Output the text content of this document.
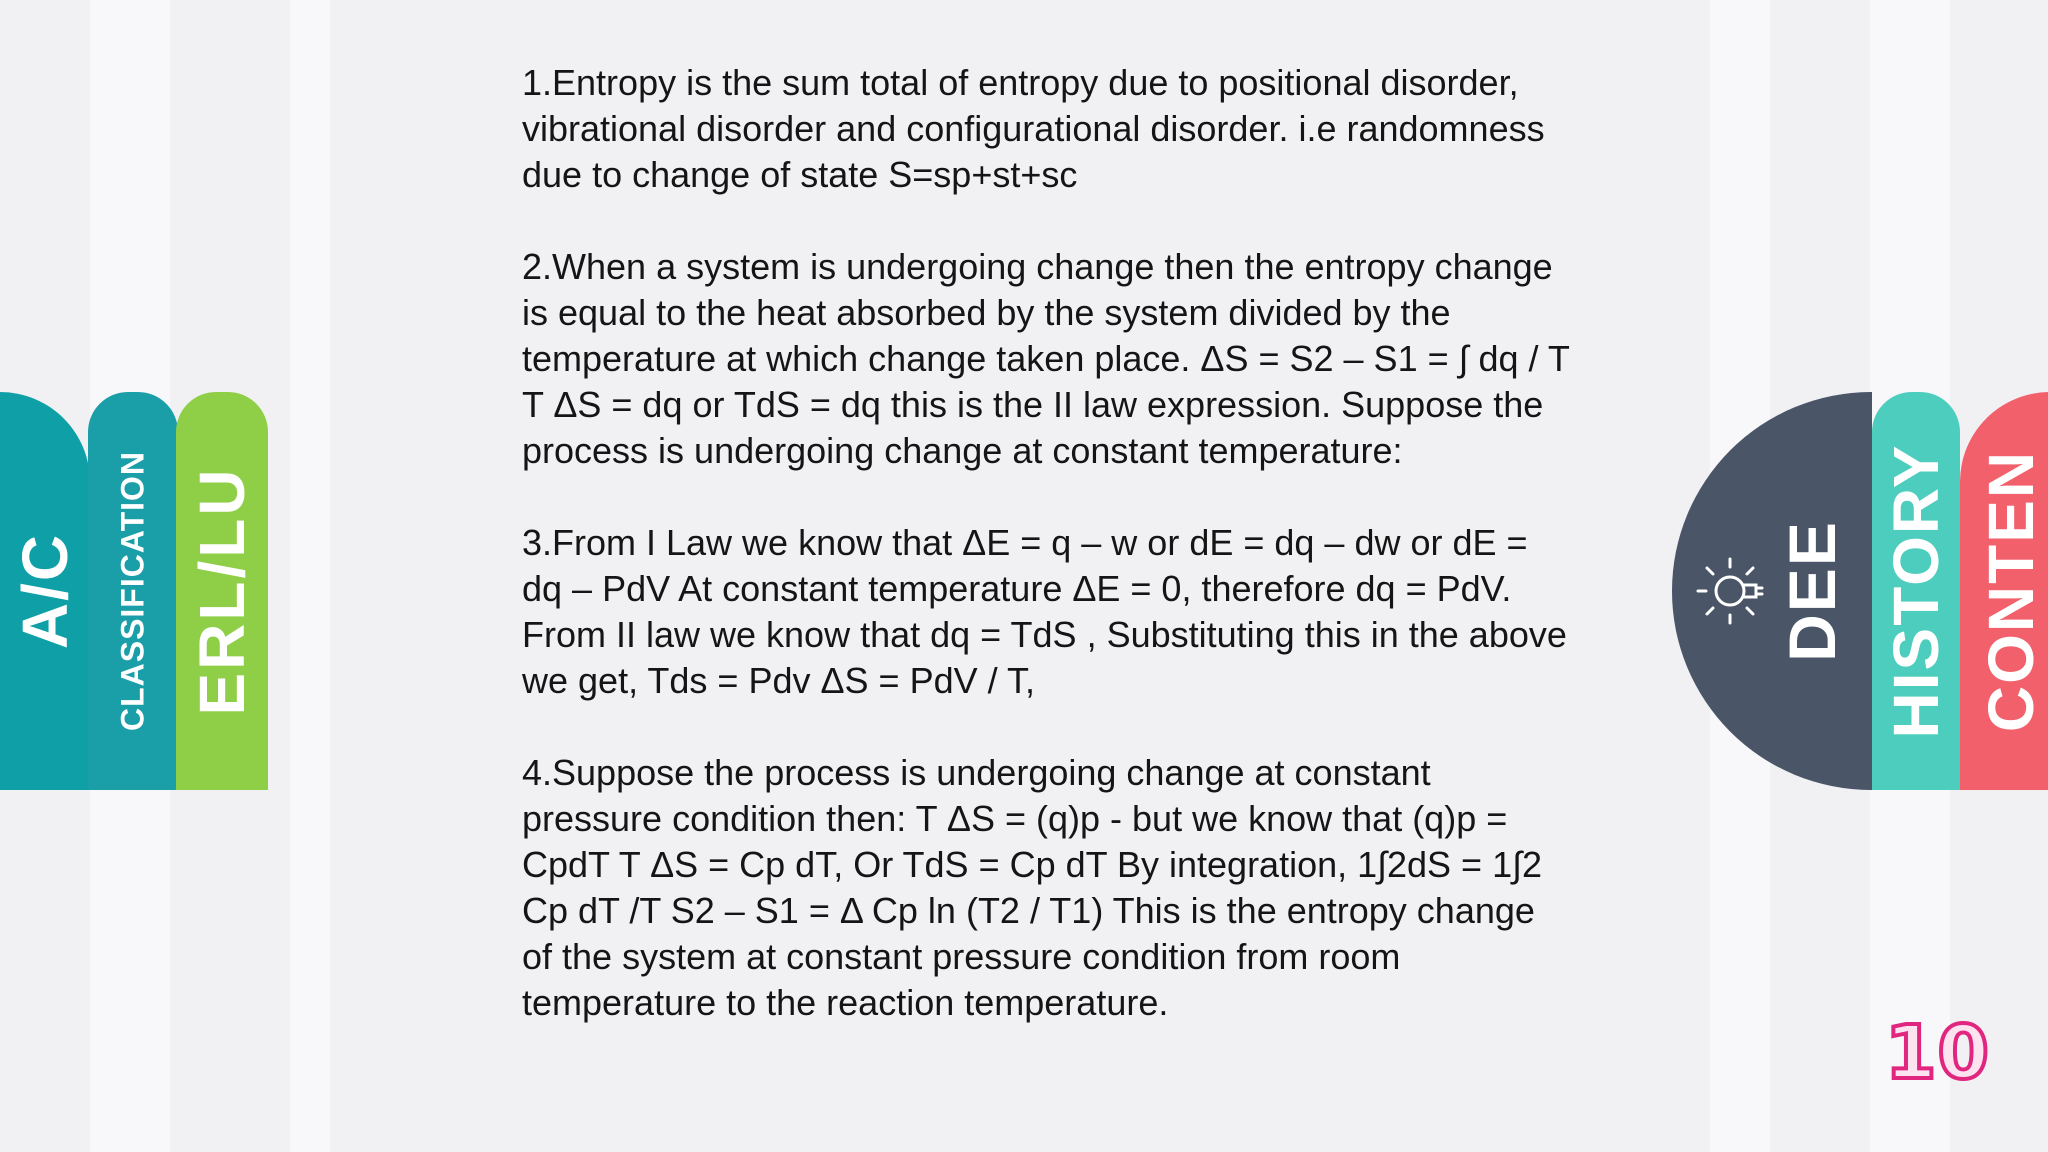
A/C CLASSIFICATION ERL/LU

1.Entropy is the sum total of entropy due to positional disorder, vibrational disorder and configurational disorder. i.e randomness due to change of state S=sp+st+sc

2.When a system is undergoing change then the entropy change is equal to the heat absorbed by the system divided by the temperature at which change taken place. ΔS = S2 – S1 = ∫ dq / T T ΔS = dq or TdS = dq this is the II law expression. Suppose the process is undergoing change at constant temperature:

3.From I Law we know that ΔE = q – w or dE = dq – dw or dE = dq – PdV At constant temperature ΔE = 0, therefore dq = PdV. From II law we know that dq = TdS , Substituting this in the above we get, Tds = Pdv ΔS = PdV / T,

4.Suppose the process is undergoing change at constant pressure condition then: T ΔS = (q)p - but we know that (q)p = CpdT T ΔS = Cp dT, Or TdS = Cp dT By integration, 1∫2dS = 1∫2 Cp dT /T S2 – S1 = Δ Cp ln (T2 / T1) This is the entropy change of the system at constant pressure condition from room temperature to the reaction temperature.

DEE HISTORY CONTEN
10
